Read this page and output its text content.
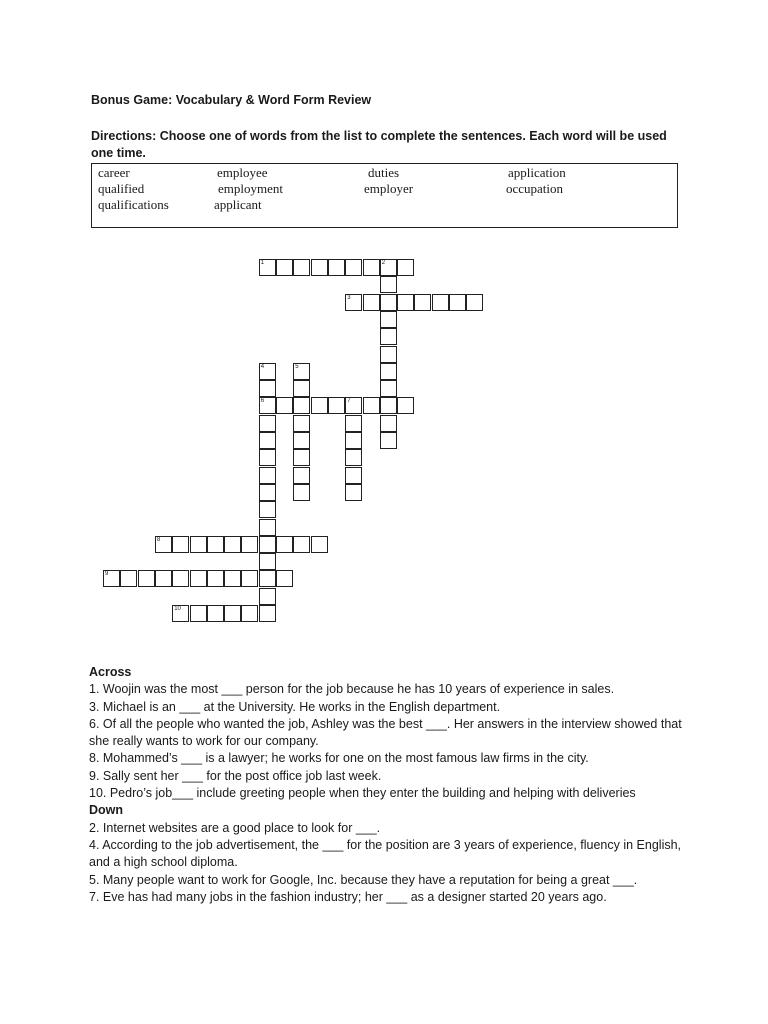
Bonus Game: Vocabulary & Word Form Review
Directions: Choose one of words from the list to complete the sentences. Each word will be used one time.
career	employee	duties	application
qualified	employment	employer	occupation
qualifications	applicant
1	2
3
6	7
4	5
8
9
10
Across
1. Woojin was the most ___ person for the job because he has 10 years of experience in sales.
3. Michael is an ___ at the University. He works in the English department.
6. Of all the people who wanted the job, Ashley was the best ___. Her answers in the interview showed that she really wants to work for our company.
8. Mohammed’s ___ is a lawyer; he works for one on the most famous law firms in the city.
9. Sally sent her ___ for the post office job last week.
10. Pedro’s job___ include greeting people when they enter the building and helping with deliveries
Down
2. Internet websites are a good place to look for ___.
4. According to the job advertisement, the ___ for the position are 3 years of experience, fluency in English, and a high school diploma.
5. Many people want to work for Google, Inc. because they have a reputation for being a great ___.
7. Eve has had many jobs in the fashion industry; her ___ as a designer started 20 years ago.
